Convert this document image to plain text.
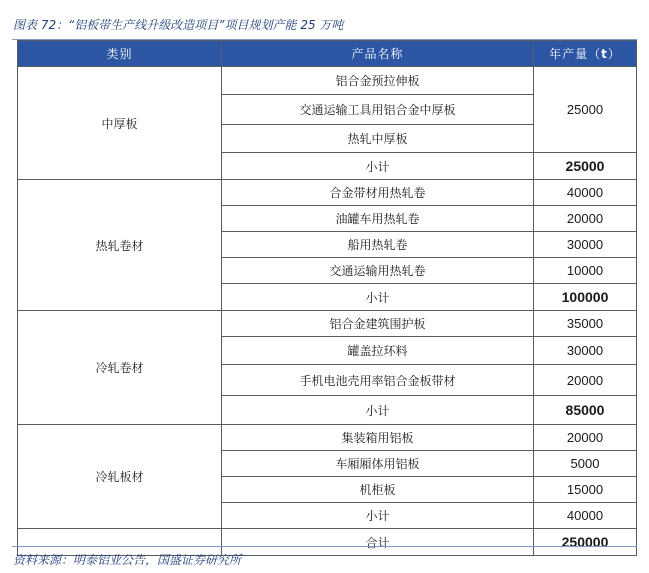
图表 72：“铝板带生产线升级改造项目”项目规划产能 25 万吨
类别	产品名称	年产量（t）
中厚板	铝合金预拉伸板	25000
	交通运输工具用铝合金中厚板	
	热轧中厚板	
	小计	25000
热轧卷材	合金带材用热轧卷	40000
	油罐车用热轧卷	20000
	船用热轧卷	30000
	交通运输用热轧卷	10000
	小计	100000
冷轧卷材	铝合金建筑围护板	35000
	罐盖拉环料	30000
	手机电池壳用率铝合金板带材	20000
	小计	85000
冷轧板材	集装箱用铝板	20000
	车厢厢体用铝板	5000
	机柜板	15000
	小计	40000
	合计	250000
资料来源：明泰铝业公告，国盛证券研究所
